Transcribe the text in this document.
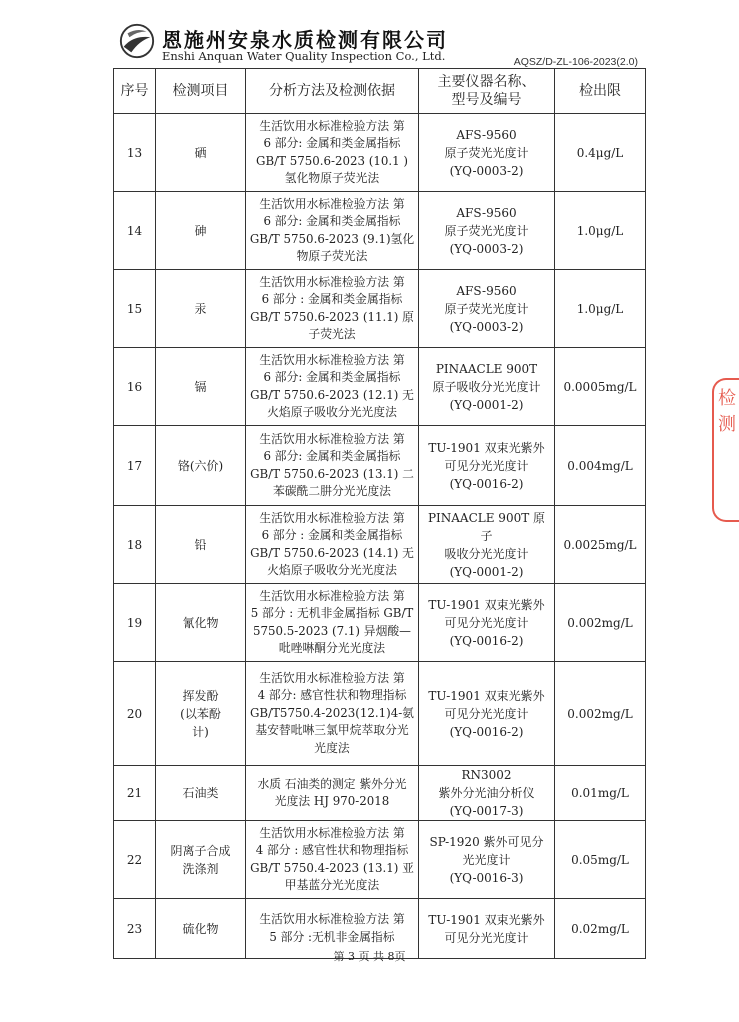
恩施州安泉水质检测有限公司
Enshi Anquan Water Quality Inspection Co., Ltd.	AQSZ/D-ZL-106-2023(2.0)
序号	检测项目	分析方法及检测依据	主要仪器名称、
型号及编号	检出限
13	硒	生活饮用水标准检验方法 第
6 部分: 金属和类金属指标
GB/T 5750.6-2023 (10.1 )
氢化物原子荧光法	AFS-9560
原子荧光光度计
(YQ-0003-2)	0.4μg/L
14	砷	生活饮用水标准检验方法 第
6 部分: 金属和类金属指标
GB/T 5750.6-2023 (9.1)氢化
物原子荧光法	AFS-9560
原子荧光光度计
(YQ-0003-2)	1.0μg/L
15	汞	生活饮用水标准检验方法 第
6 部分 : 金属和类金属指标
GB/T 5750.6-2023 (11.1) 原
子荧光法	AFS-9560
原子荧光光度计
(YQ-0003-2)	1.0μg/L
16	镉	生活饮用水标准检验方法 第
6 部分: 金属和类金属指标
GB/T 5750.6-2023 (12.1) 无
火焰原子吸收分光光度法	PINAACLE 900T
原子吸收分光光度计
(YQ-0001-2)	0.0005mg/L
17	铬(六价)	生活饮用水标准检验方法 第
6 部分: 金属和类金属指标
GB/T 5750.6-2023 (13.1) 二
苯碳酰二肼分光光度法	TU-1901 双束光紫外
可见分光光度计
(YQ-0016-2)	0.004mg/L
18	铅	生活饮用水标准检验方法 第
6 部分 : 金属和类金属指标
GB/T 5750.6-2023 (14.1) 无
火焰原子吸收分光光度法	PINAACLE 900T 原子
吸收分光光度计
(YQ-0001-2)	0.0025mg/L
19	氰化物	生活饮用水标准检验方法 第
5 部分 : 无机非金属指标 GB/T
5750.5-2023 (7.1) 异烟酸—
吡唑啉酮分光光度法	TU-1901 双束光紫外
可见分光光度计
(YQ-0016-2)	0.002mg/L
20	挥发酚
(以苯酚
计)	生活饮用水标准检验方法 第
4 部分: 感官性状和物理指标
GB/T5750.4-2023(12.1)4-氨
基安替吡啉三氯甲烷萃取分光
光度法	TU-1901 双束光紫外
可见分光光度计
(YQ-0016-2)	0.002mg/L
21	石油类	水质 石油类的测定 紫外分光
光度法 HJ 970-2018	RN3002
紫外分光油分析仪
(YQ-0017-3)	0.01mg/L
22	阴离子合成
洗涤剂	生活饮用水标准检验方法 第
4 部分 : 感官性状和物理指标
GB/T 5750.4-2023 (13.1) 亚
甲基蓝分光光度法	SP-1920 紫外可见分
光光度计
(YQ-0016-3)	0.05mg/L
23	硫化物	生活饮用水标准检验方法 第
5 部分 :无机非金属指标	TU-1901 双束光紫外
可见分光光度计	0.02mg/L
检测
第 3 页 共 8页
